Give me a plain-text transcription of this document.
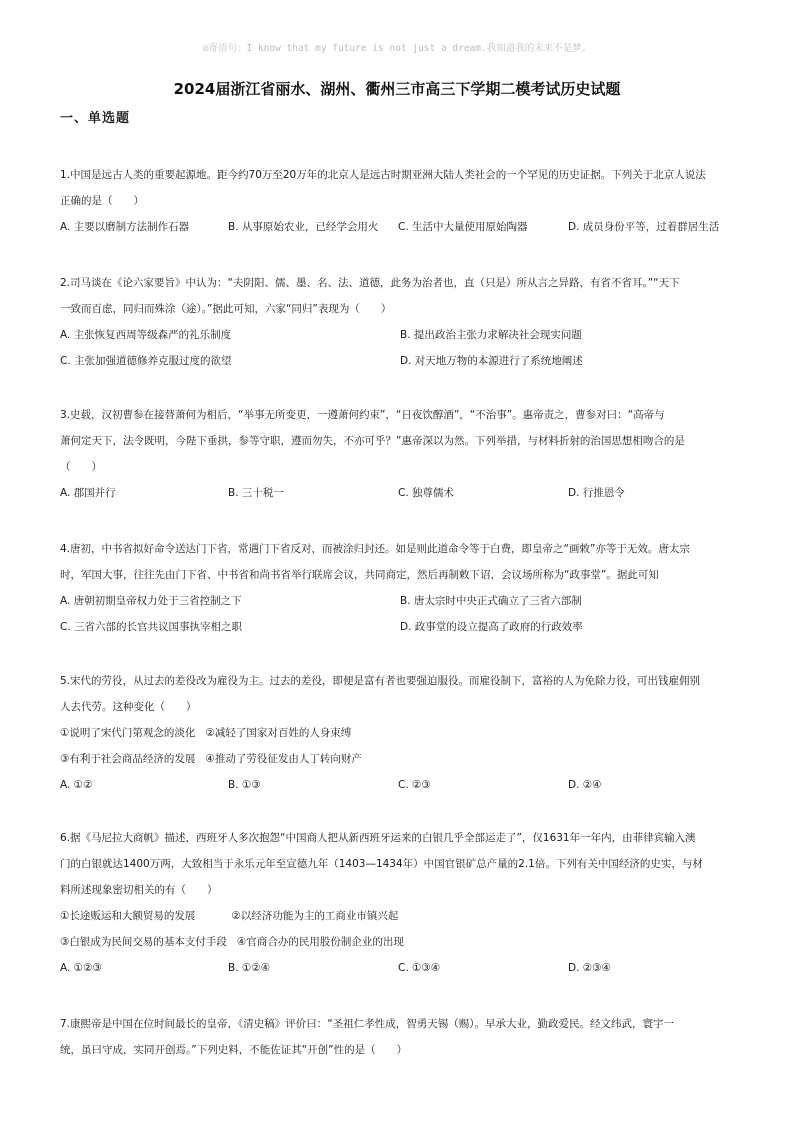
◎寄语句：I know that my future is not just a dream.我知道我的未来不是梦。
2024届浙江省丽水、湖州、衢州三市高三下学期二模考试历史试题
一、单选题
1.中国是远古人类的重要起源地。距今约70万至20万年的北京人是远古时期亚洲大陆人类社会的一个罕见的历史证据。下列关于北京人说法
正确的是（　　）
A. 主要以磨制方法制作石器	B. 从事原始农业，已经学会用火	C. 生活中大量使用原始陶器	D. 成员身份平等，过着群居生活
2.司马谈在《论六家要旨》中认为：“夫阴阳、儒、墨、名、法、道德，此务为治者也，直（只是）所从言之异路，有省不省耳。”“天下
一致而百虑，同归而殊涂（途）。”据此可知，六家“同归”表现为（　　）
A. 主张恢复西周等级森严的礼乐制度	B. 提出政治主张力求解决社会现实问题
C. 主张加强道德修养克服过度的欲望	D. 对天地万物的本源进行了系统地阐述
3.史载，汉初曹参在接替萧何为相后，“举事无所变更，一遵萧何约束”，“日夜饮醇酒”，“不治事”。惠帝责之，曹参对曰：“高帝与
萧何定天下，法令既明，今陛下垂拱，参等守职，遵而勿失，不亦可乎？”惠帝深以为然。下列举措，与材料折射的治国思想相吻合的是
（　　）
A. 郡国并行	B. 三十税一	C. 独尊儒术	D. 行推恩令
4.唐初，中书省拟好命令送达门下省，常遇门下省反对，而被涂归封还。如是则此道命令等于白费，即皇帝之“画敕”亦等于无效。唐太宗
时，军国大事，往往先由门下省、中书省和尚书省举行联席会议，共同商定，然后再制敕下诏，会议场所称为“政事堂”。据此可知
A. 唐朝初期皇帝权力处于三省控制之下	B. 唐太宗时中央正式确立了三省六部制
C. 三省六部的长官共议国事执宰相之职	D. 政事堂的设立提高了政府的行政效率
5.宋代的劳役，从过去的差役改为雇役为主。过去的差役，即便是富有者也要强迫服役。而雇役制下，富裕的人为免除力役，可出钱雇佣别
人去代劳。这种变化（　　）
①说明了宋代门第观念的淡化 ②减轻了国家对百姓的人身束缚
③有利于社会商品经济的发展 ④推动了劳役征发由人丁转向财产
A. ①②	B. ①③	C. ②③	D. ②④
6.据《马尼拉大商帆》描述，西班牙人多次抱怨“中国商人把从新西班牙运来的白银几乎全部运走了”，仅1631年一年内，由菲律宾输入澳
门的白银就达1400万两，大致相当于永乐元年至宣德九年（1403—1434年）中国官银矿总产量的2.1倍。下列有关中国经济的史实，与材
料所述现象密切相关的有（　　）
①长途贩运和大额贸易的发展	②以经济功能为主的工商业市镇兴起
③白银成为民间交易的基本支付手段 ④官商合办的民用股份制企业的出现
A. ①②③	B. ①②④	C. ①③④	D. ②③④
7.康熙帝是中国在位时间最长的皇帝，《清史稿》评价曰：“圣祖仁孝性成，智勇天锡（赐）。早承大业，勤政爱民。经文纬武，寰宇一
统，虽曰守成，实同开创焉。”下列史料，不能佐证其“开创”性的是（　　）
